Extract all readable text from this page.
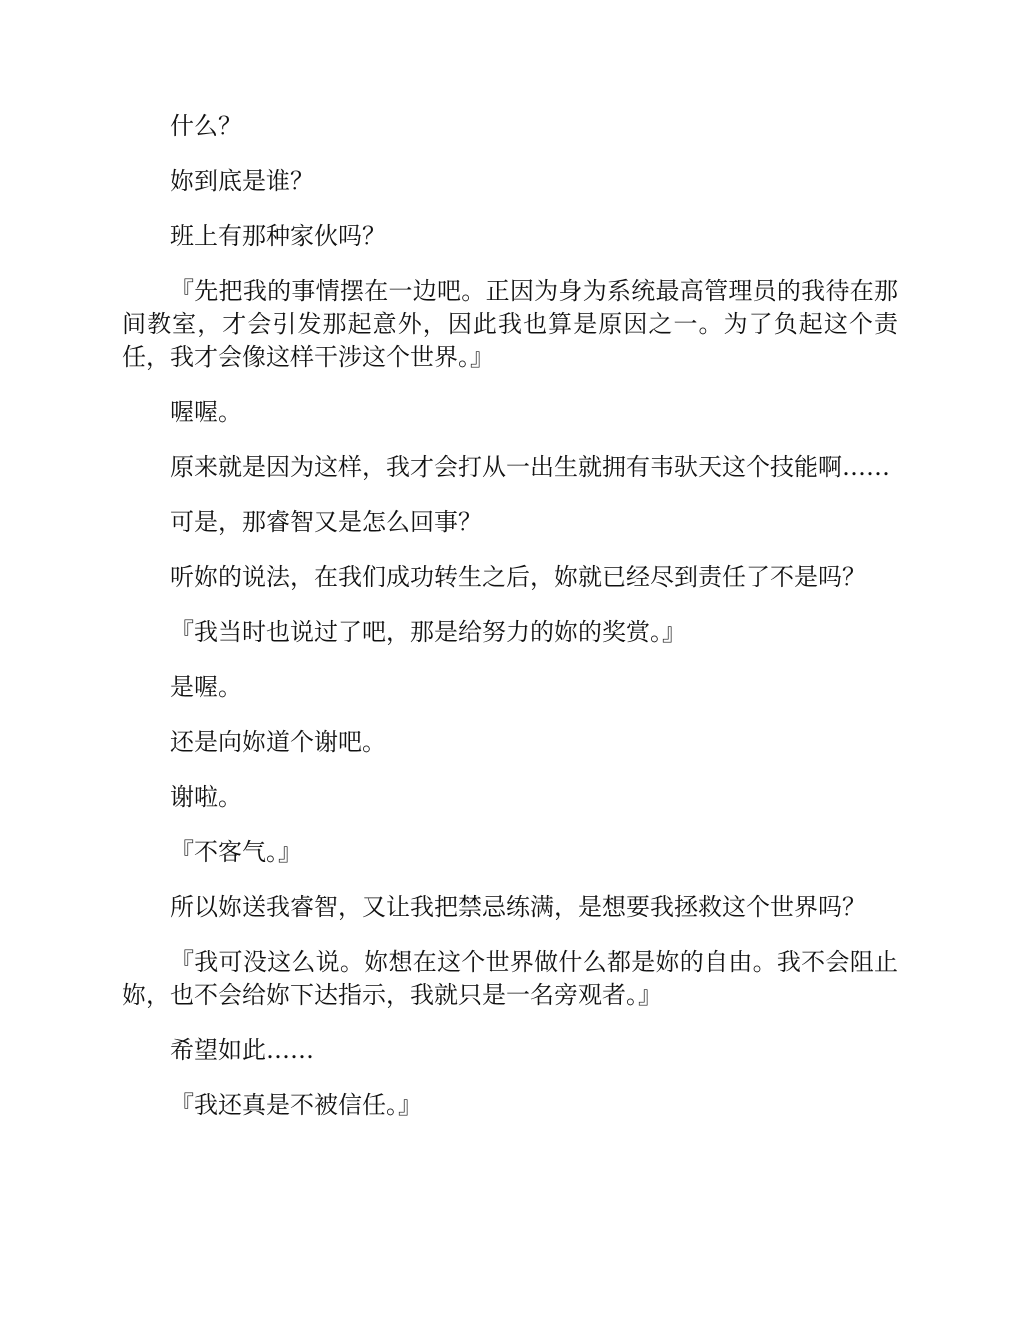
什么？

妳到底是谁？

班上有那种家伙吗？

『先把我的事情摆在一边吧。正因为身为系统最高管理员的我待在那间教室，才会引发那起意外，因此我也算是原因之一。为了负起这个责任，我才会像这样干涉这个世界。』

喔喔。

原来就是因为这样，我才会打从一出生就拥有韦驮天这个技能啊……

可是，那睿智又是怎么回事？

听妳的说法，在我们成功转生之后，妳就已经尽到责任了不是吗？

『我当时也说过了吧，那是给努力的妳的奖赏。』

是喔。

还是向妳道个谢吧。

谢啦。

『不客气。』

所以妳送我睿智，又让我把禁忌练满，是想要我拯救这个世界吗？

『我可没这么说。妳想在这个世界做什么都是妳的自由。我不会阻止妳，也不会给妳下达指示，我就只是一名旁观者。』

希望如此……

『我还真是不被信任。』
